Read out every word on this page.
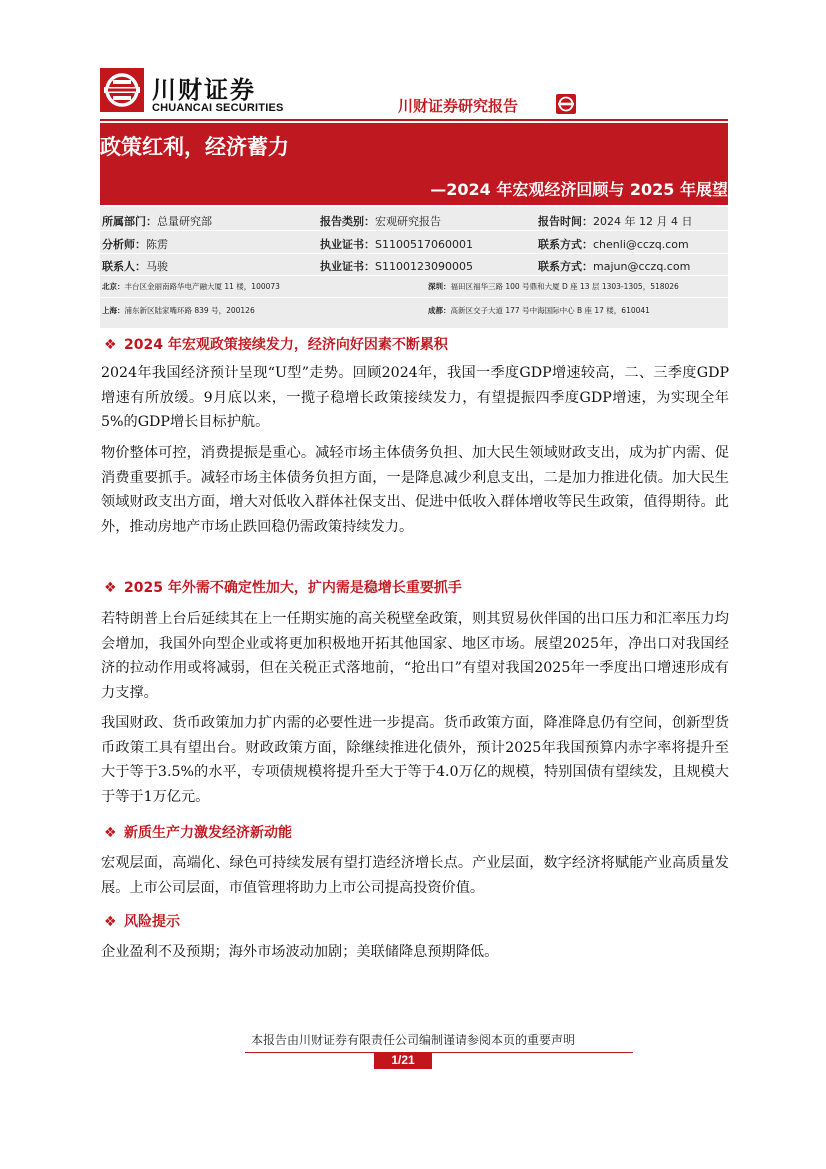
川财证券
CHUANCAI SECURITIES	川财证券研究报告
政策红利，经济蓄力
—2024 年宏观经济回顾与 2025 年展望
所属部门：总量研究部	报告类别：宏观研究报告	报告时间：2024 年 12 月 4 日
分析师：陈雳	执业证书：S1100517060001	联系方式：chenli@cczq.com
联系人：马骏	执业证书：S1100123090005	联系方式：majun@cczq.com
北京：丰台区金丽南路华电产融大厦 11 楼，100073	深圳：福田区福华三路 100 号鼎和大厦 D 座 13 层 1303-1305，518026
上海：浦东新区陆家嘴环路 839 号，200126	成都：高新区交子大道 177 号中海国际中心 B 座 17 楼，610041
❖ 2024 年宏观政策接续发力，经济向好因素不断累积
2024年我国经济预计呈现“U型”走势。回顾2024年，我国一季度GDP增速较高，二、三季度GDP增速有所放缓。9月底以来，一揽子稳增长政策接续发力，有望提振四季度GDP增速，为实现全年5%的GDP增长目标护航。
物价整体可控，消费提振是重心。减轻市场主体债务负担、加大民生领域财政支出，成为扩内需、促消费重要抓手。减轻市场主体债务负担方面，一是降息减少利息支出，二是加力推进化债。加大民生领域财政支出方面，增大对低收入群体社保支出、促进中低收入群体增收等民生政策，值得期待。此外，推动房地产市场止跌回稳仍需政策持续发力。
❖ 2025 年外需不确定性加大，扩内需是稳增长重要抓手
若特朗普上台后延续其在上一任期实施的高关税壁垒政策，则其贸易伙伴国的出口压力和汇率压力均会增加，我国外向型企业或将更加积极地开拓其他国家、地区市场。展望2025年，净出口对我国经济的拉动作用或将减弱，但在关税正式落地前，“抢出口”有望对我国2025年一季度出口增速形成有力支撑。
我国财政、货币政策加力扩内需的必要性进一步提高。货币政策方面，降准降息仍有空间，创新型货币政策工具有望出台。财政政策方面，除继续推进化债外，预计2025年我国预算内赤字率将提升至大于等于3.5%的水平，专项债规模将提升至大于等于4.0万亿的规模，特别国债有望续发，且规模大于等于1万亿元。
❖ 新质生产力激发经济新动能
宏观层面，高端化、绿色可持续发展有望打造经济增长点。产业层面，数字经济将赋能产业高质量发展。上市公司层面，市值管理将助力上市公司提高投资价值。
❖ 风险提示
企业盈利不及预期；海外市场波动加剧；美联储降息预期降低。
本报告由川财证券有限责任公司编制谨请参阅本页的重要声明
1/21
